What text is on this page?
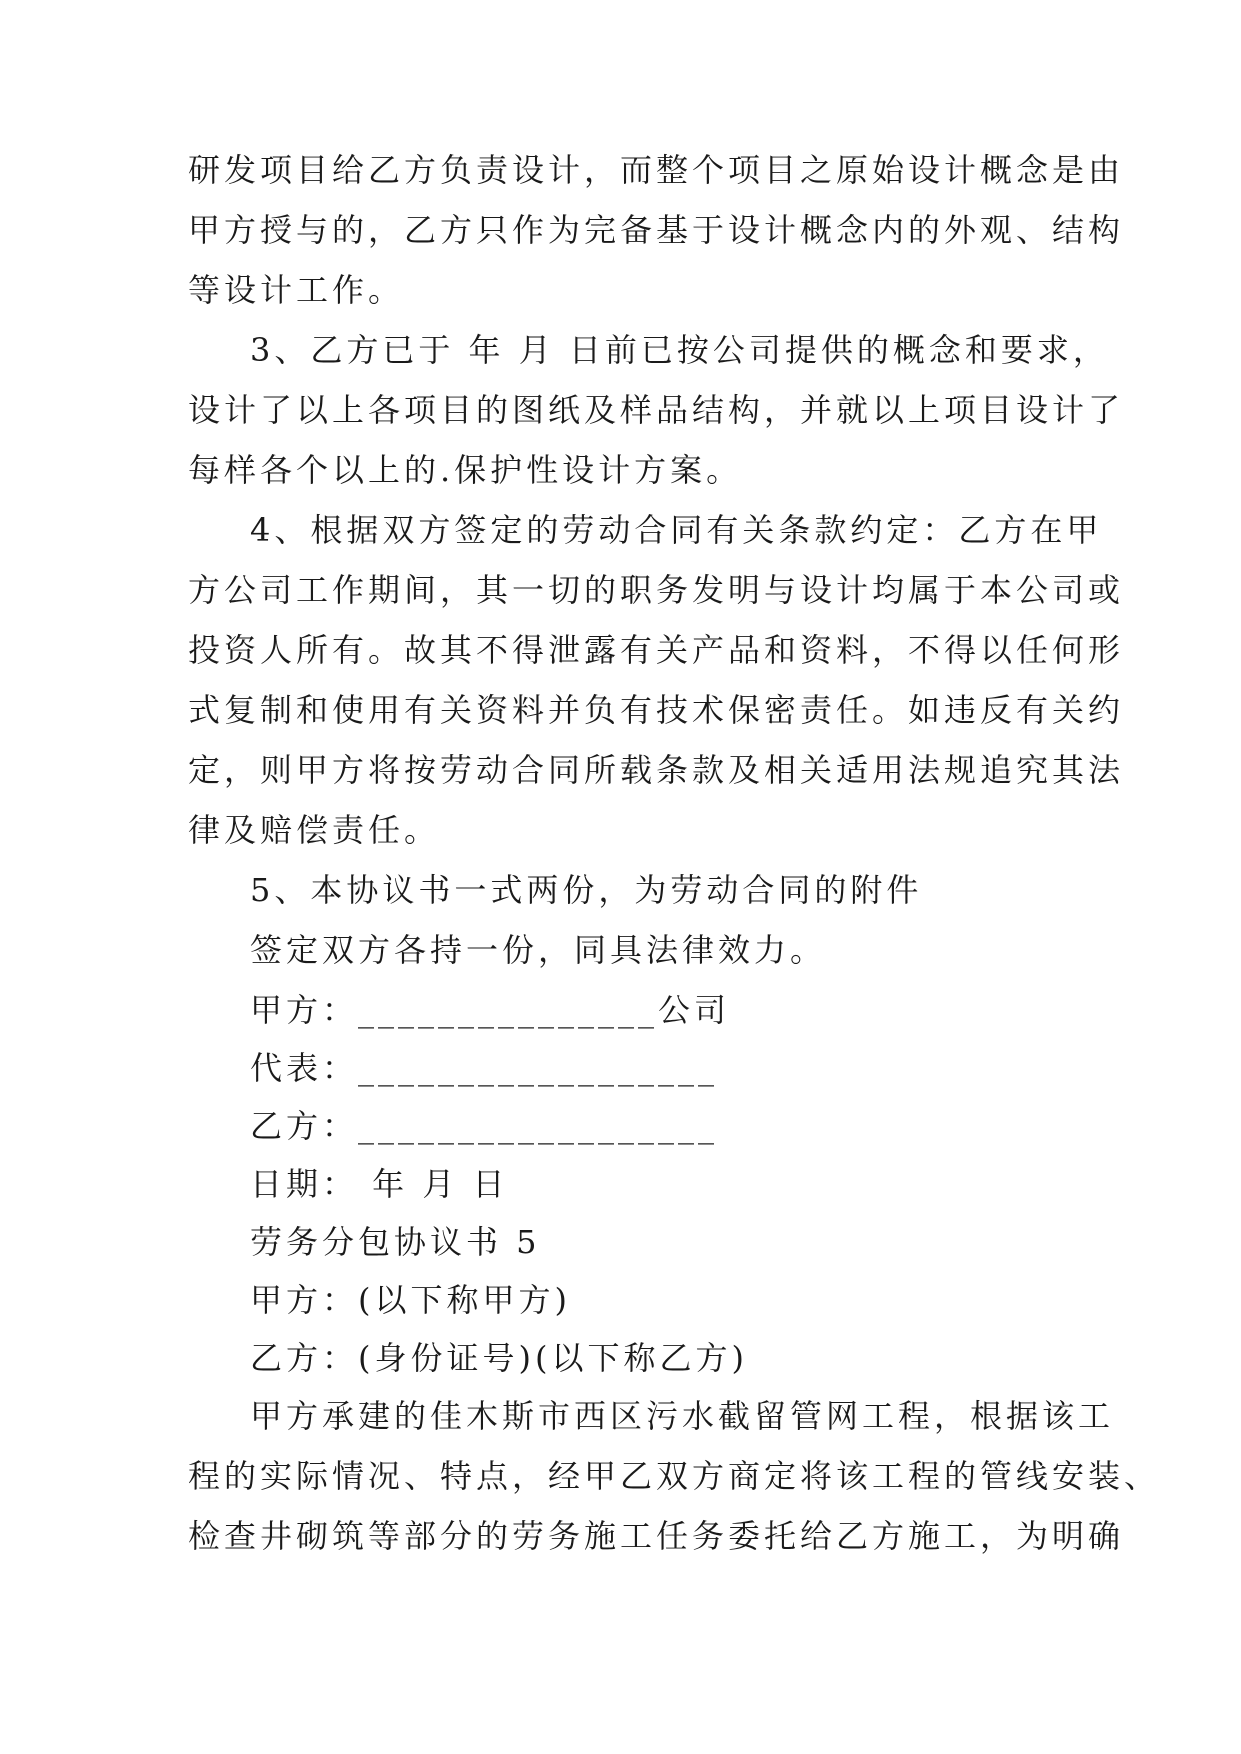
研发项目给乙方负责设计，而整个项目之原始设计概念是由
甲方授与的，乙方只作为完备基于设计概念内的外观、结构
等设计工作。
3、乙方已于 年 月 日前已按公司提供的概念和要求，
设计了以上各项目的图纸及样品结构，并就以上项目设计了
每样各个以上的.保护性设计方案。
4、根据双方签定的劳动合同有关条款约定：乙方在甲
方公司工作期间，其一切的职务发明与设计均属于本公司或
投资人所有。故其不得泄露有关产品和资料，不得以任何形
式复制和使用有关资料并负有技术保密责任。如违反有关约
定，则甲方将按劳动合同所载条款及相关适用法规追究其法
律及赔偿责任。
5、本协议书一式两份，为劳动合同的附件
签定双方各持一份，同具法律效力。
甲方：_______________公司
代表：__________________
乙方：__________________
日期： 年 月 日
劳务分包协议书 5
甲方：(以下称甲方)
乙方：(身份证号)(以下称乙方)
甲方承建的佳木斯市西区污水截留管网工程，根据该工
程的实际情况、特点，经甲乙双方商定将该工程的管线安装、
检查井砌筑等部分的劳务施工任务委托给乙方施工，为明确
